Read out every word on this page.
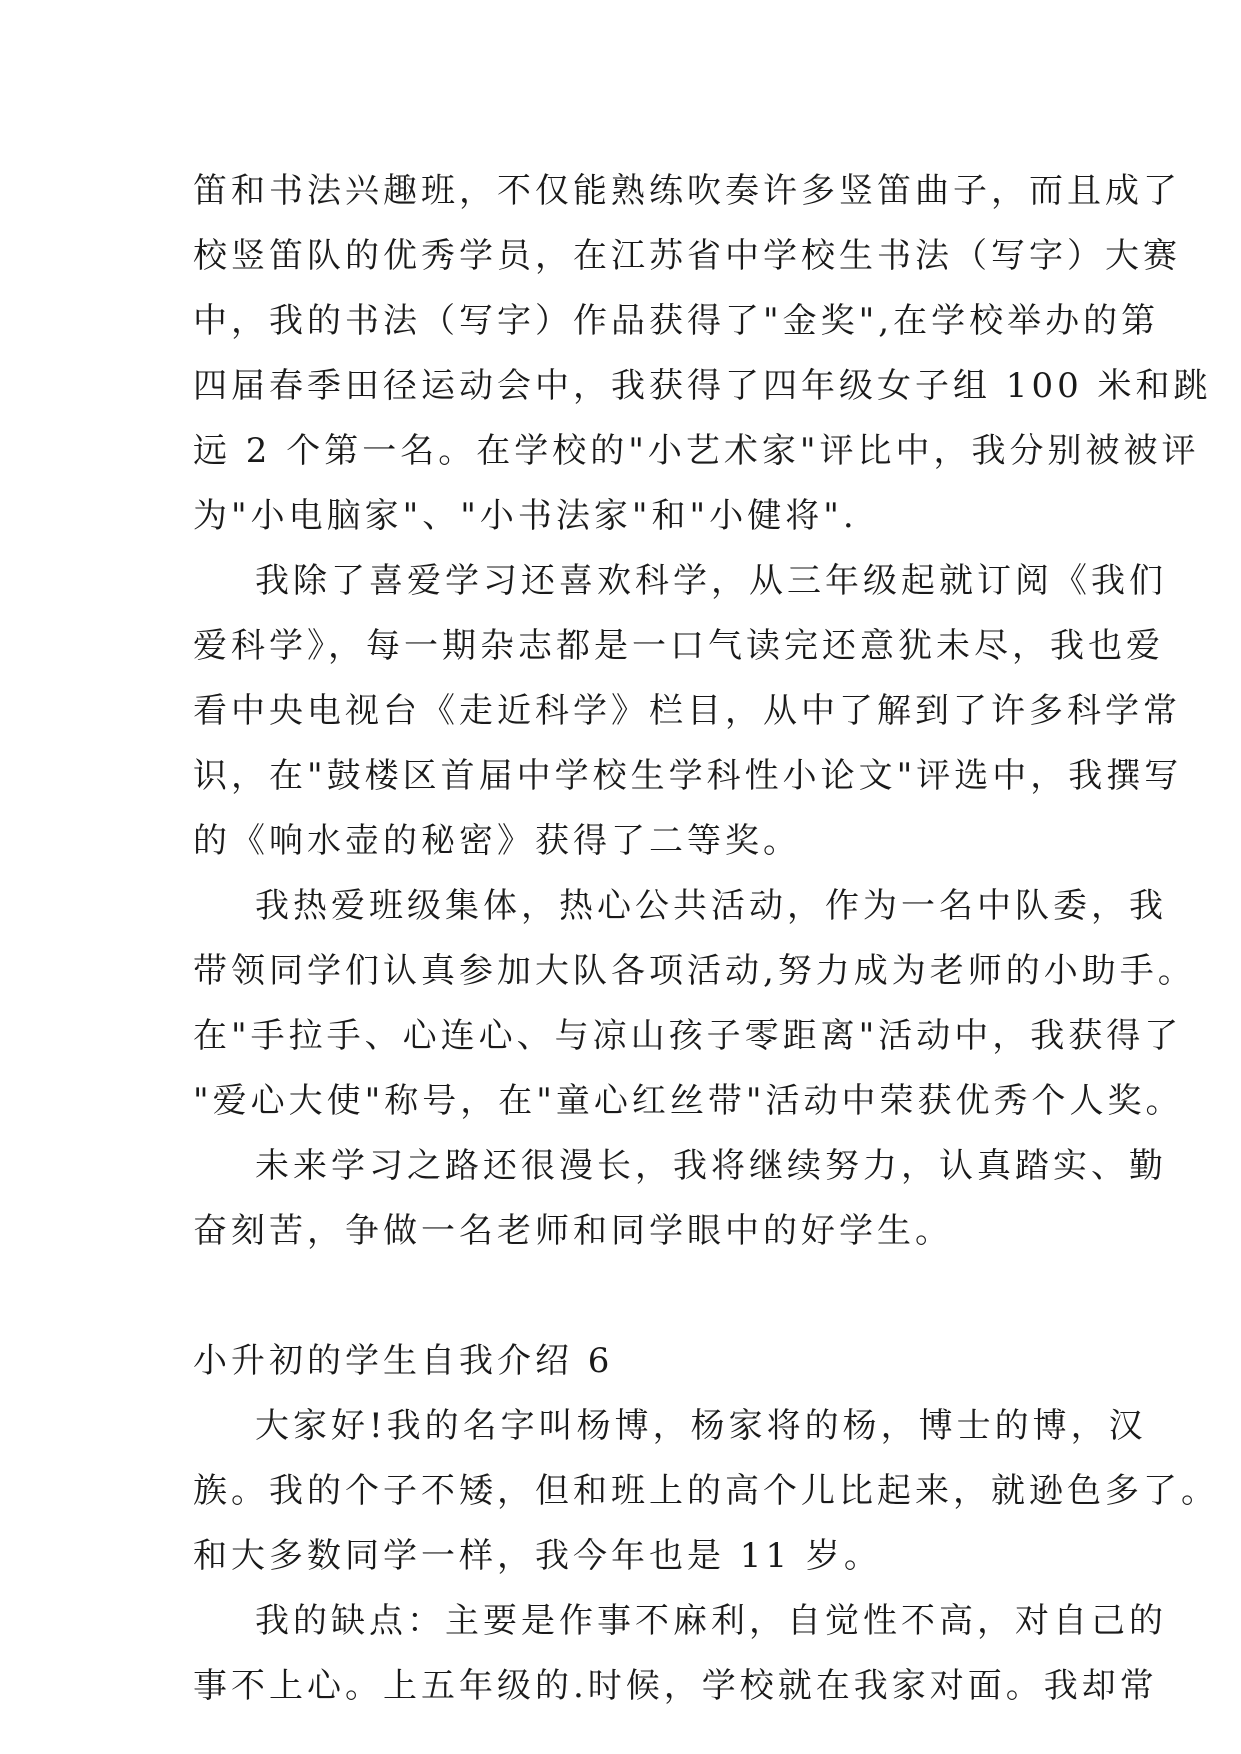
笛和书法兴趣班，不仅能熟练吹奏许多竖笛曲子，而且成了
校竖笛队的优秀学员，在江苏省中学校生书法（写字）大赛
中，我的书法（写字）作品获得了"金奖",在学校举办的第
四届春季田径运动会中，我获得了四年级女子组 100 米和跳
远 2 个第一名。在学校的"小艺术家"评比中，我分别被被评
为"小电脑家"、"小书法家"和"小健将".
我除了喜爱学习还喜欢科学，从三年级起就订阅《我们
爱科学》，每一期杂志都是一口气读完还意犹未尽，我也爱
看中央电视台《走近科学》栏目，从中了解到了许多科学常
识，在"鼓楼区首届中学校生学科性小论文"评选中，我撰写
的《响水壶的秘密》获得了二等奖。
我热爱班级集体，热心公共活动，作为一名中队委，我
带领同学们认真参加大队各项活动,努力成为老师的小助手。
在"手拉手、心连心、与凉山孩子零距离"活动中，我获得了
"爱心大使"称号，在"童心红丝带"活动中荣获优秀个人奖。
未来学习之路还很漫长，我将继续努力，认真踏实、勤
奋刻苦，争做一名老师和同学眼中的好学生。
小升初的学生自我介绍 6
大家好!我的名字叫杨博，杨家将的杨，博士的博，汉
族。我的个子不矮，但和班上的高个儿比起来，就逊色多了。
和大多数同学一样，我今年也是 11 岁。
我的缺点：主要是作事不麻利，自觉性不高，对自己的
事不上心。上五年级的.时候，学校就在我家对面。我却常
